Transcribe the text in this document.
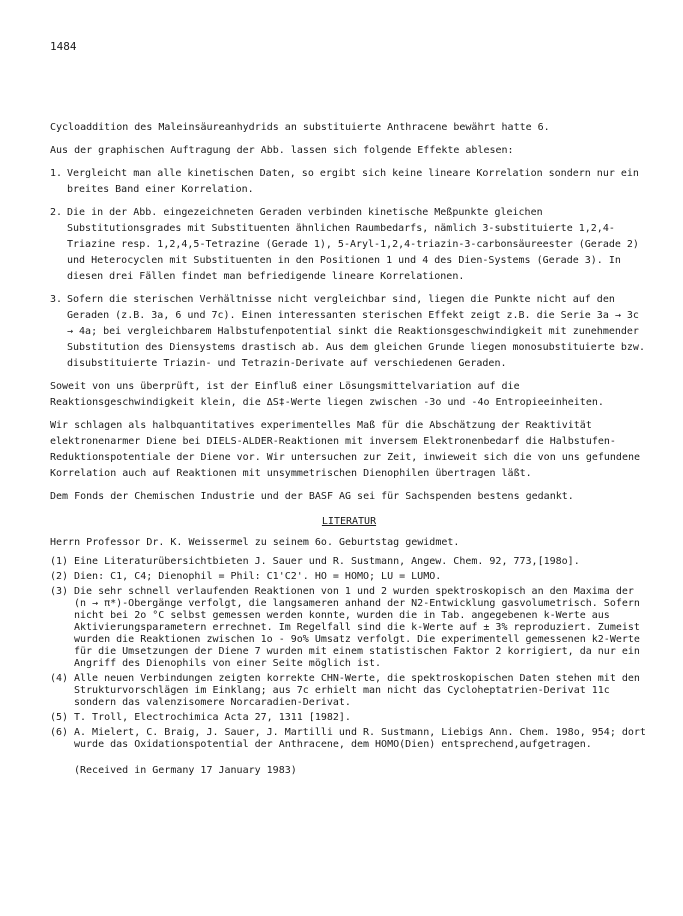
1484

Cycloaddition des Maleinsäureanhydrids an substituierte Anthracene bewährt hatte 6.

Aus der graphischen Auftragung der Abb. lassen sich folgende Effekte ablesen:

1. Vergleicht man alle kinetischen Daten, so ergibt sich keine lineare Korrelation sondern nur ein breites Band einer Korrelation.
2. Die in der Abb. eingezeichneten Geraden verbinden kinetische Meßpunkte gleichen Substitutionsgrades mit Substituenten ähnlichen Raumbedarfs, nämlich 3-substituierte 1,2,4-Triazine resp. 1,2,4,5-Tetrazine (Gerade 1), 5-Aryl-1,2,4-triazin-3-carbonsäureester (Gerade 2) und Heterocyclen mit Substituenten in den Positionen 1 und 4 des Dien-Systems (Gerade 3). In diesen drei Fällen findet man befriedigende lineare Korrelationen.
3. Sofern die sterischen Verhältnisse nicht vergleichbar sind, liegen die Punkte nicht auf den Geraden (z.B. 3a, 6 und 7c). Einen interessanten sterischen Effekt zeigt z.B. die Serie 3a → 3c → 4a; bei vergleichbarem Halbstufenpotential sinkt die Reaktionsgeschwindigkeit mit zunehmender Substitution des Diensystems drastisch ab. Aus dem gleichen Grunde liegen monosubstituierte bzw. disubstituierte Triazin- und Tetrazin-Derivate auf verschiedenen Geraden.

Soweit von uns überprüft, ist der Einfluß einer Lösungsmittelvariation auf die Reaktionsgeschwindigkeit klein, die ΔS‡-Werte liegen zwischen -3o und -4o Entropieeinheiten.

Wir schlagen als halbquantitatives experimentelles Maß für die Abschätzung der Reaktivität elektronenarmer Diene bei DIELS-ALDER-Reaktionen mit inversem Elektronenbedarf die Halbstufen-Reduktionspotentiale der Diene vor. Wir untersuchen zur Zeit, inwieweit sich die von uns gefundene Korrelation auch auf Reaktionen mit unsymmetrischen Dienophilen übertragen läßt.

Dem Fonds der Chemischen Industrie und der BASF AG sei für Sachspenden bestens gedankt.

LITERATUR

Herrn Professor Dr. K. Weissermel zu seinem 6o. Geburtstag gewidmet.

(1) Eine Literaturübersichtbieten J. Sauer und R. Sustmann, Angew. Chem. 92, 773,[198o].
(2) Dien: C1, C4; Dienophil = Phil: C1'C2'. HO = HOMO; LU = LUMO.
(3) Die sehr schnell verlaufenden Reaktionen von 1 und 2 wurden spektroskopisch an den Maxima der (n → π*)-Obergänge verfolgt, die langsameren anhand der N2-Entwicklung gasvolumetrisch. Sofern nicht bei 2o °C selbst gemessen werden konnte, wurden die in Tab. angegebenen k-Werte aus Aktivierungsparametern errechnet. Im Regelfall sind die k-Werte auf ± 3% reproduziert. Zumeist wurden die Reaktionen zwischen 1o - 9o% Umsatz verfolgt. Die experimentell gemessenen k2-Werte für die Umsetzungen der Diene 7 wurden mit einem statistischen Faktor 2 korrigiert, da nur ein Angriff des Dienophils von einer Seite möglich ist.
(4) Alle neuen Verbindungen zeigten korrekte CHN-Werte, die spektroskopischen Daten stehen mit den Strukturvorschlägen im Einklang; aus 7c erhielt man nicht das Cycloheptatrien-Derivat 11c sondern das valenzisomere Norcaradien-Derivat.
(5) T. Troll, Electrochimica Acta 27, 1311 [1982].
(6) A. Mielert, C. Braig, J. Sauer, J. Martilli und R. Sustmann, Liebigs Ann. Chem. 198o, 954; dort wurde das Oxidationspotential der Anthracene, dem HOMO(Dien) entsprechend,aufgetragen.
(Received in Germany 17 January 1983)
